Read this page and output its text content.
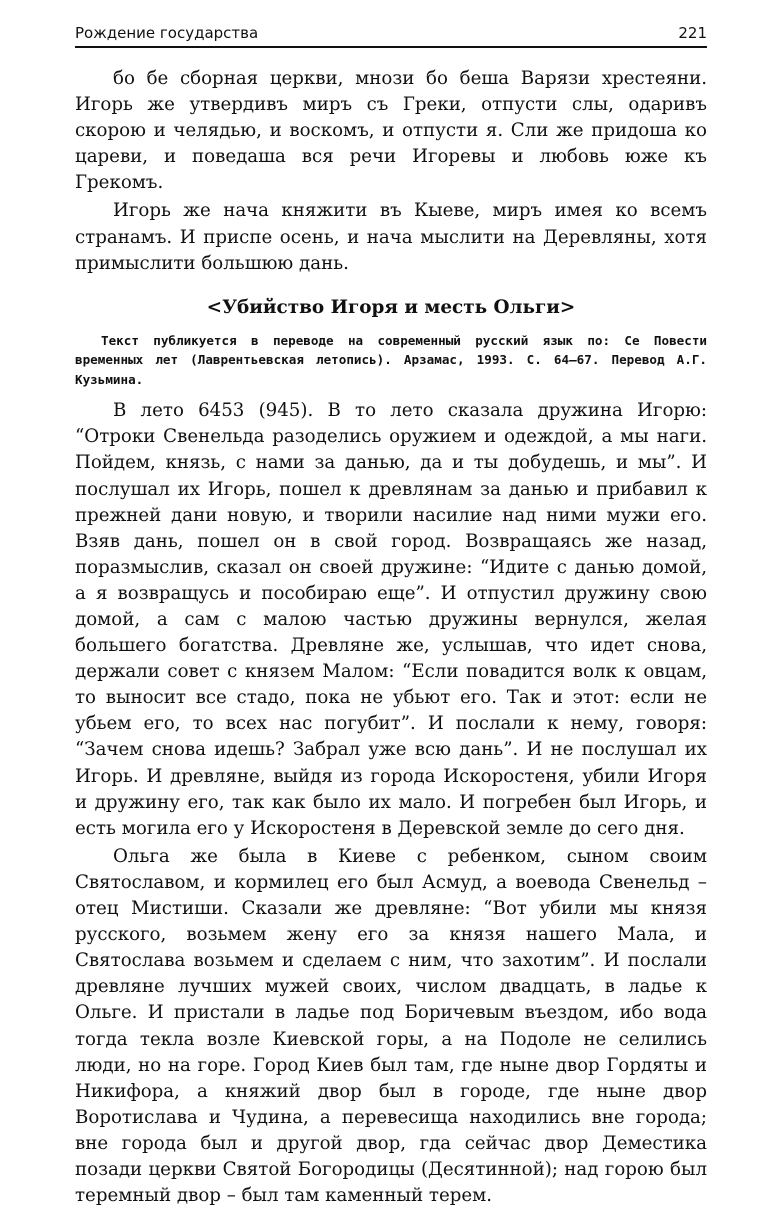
Рождение государства	221

бо бе сборная церкви, мнози бо беша Варязи хрестеяни. Игорь же утвердивъ миръ съ Греки, отпусти слы, одаривъ скорою и челядью, и воскомъ, и отпусти я. Сли же придоша ко цареви, и поведаша вся речи Игоревы и любовь юже къ Грекомъ.

Игорь же нача княжити въ Кыеве, миръ имея ко всемъ странамъ. И приспе осень, и нача мыслити на Деревляны, хотя примыслити большюю дань.

<Убийство Игоря и месть Ольги>

Текст публикуется в переводе на современный русский язык по: Се Повести временных лет (Лаврентьевская летопись). Арзамас, 1993. С. 64—67. Перевод А.Г. Кузьмина.

В лето 6453 (945). В то лето сказала дружина Игорю: “Отроки Свенельда разоделись оружием и одеждой, а мы наги. Пойдем, князь, с нами за данью, да и ты добудешь, и мы”. И послушал их Игорь, пошел к древлянам за данью и прибавил к прежней дани новую, и творили насилие над ними мужи его. Взяв дань, пошел он в свой город. Возвращаясь же назад, поразмыслив, сказал он своей дружине: “Идите с данью домой, а я возвращусь и пособираю еще”. И отпустил дружину свою домой, а сам с малою частью дружины вернулся, желая большего богатства. Древляне же, услышав, что идет снова, держали совет с князем Малом: “Если повадится волк к овцам, то выносит все стадо, пока не убьют его. Так и этот: если не убьем его, то всех нас погубит”. И послали к нему, говоря: “Зачем снова идешь? Забрал уже всю дань”. И не послушал их Игорь. И древляне, выйдя из города Искоростеня, убили Игоря и дружину его, так как было их мало. И погребен был Игорь, и есть могила его у Искоростеня в Деревской земле до сего дня.

Ольга же была в Киеве с ребенком, сыном своим Святославом, и кормилец его был Асмуд, а воевода Свенельд – отец Мистиши. Сказали же древляне: “Вот убили мы князя русского, возьмем жену его за князя нашего Мала, и Святослава возьмем и сделаем с ним, что захотим”. И послали древляне лучших мужей своих, числом двадцать, в ладье к Ольге. И пристали в ладье под Боричевым въездом, ибо вода тогда текла возле Киевской горы, а на Подоле не селились люди, но на горе. Город Киев был там, где ныне двор Гордяты и Никифора, а княжий двор был в городе, где ныне двор Воротислава и Чудина, а перевесища находились вне города; вне города был и другой двор, гда сейчас двор Деместика позади церкви Святой Богородицы (Десятинной); над горою был теремный двор – был там каменный терем.
